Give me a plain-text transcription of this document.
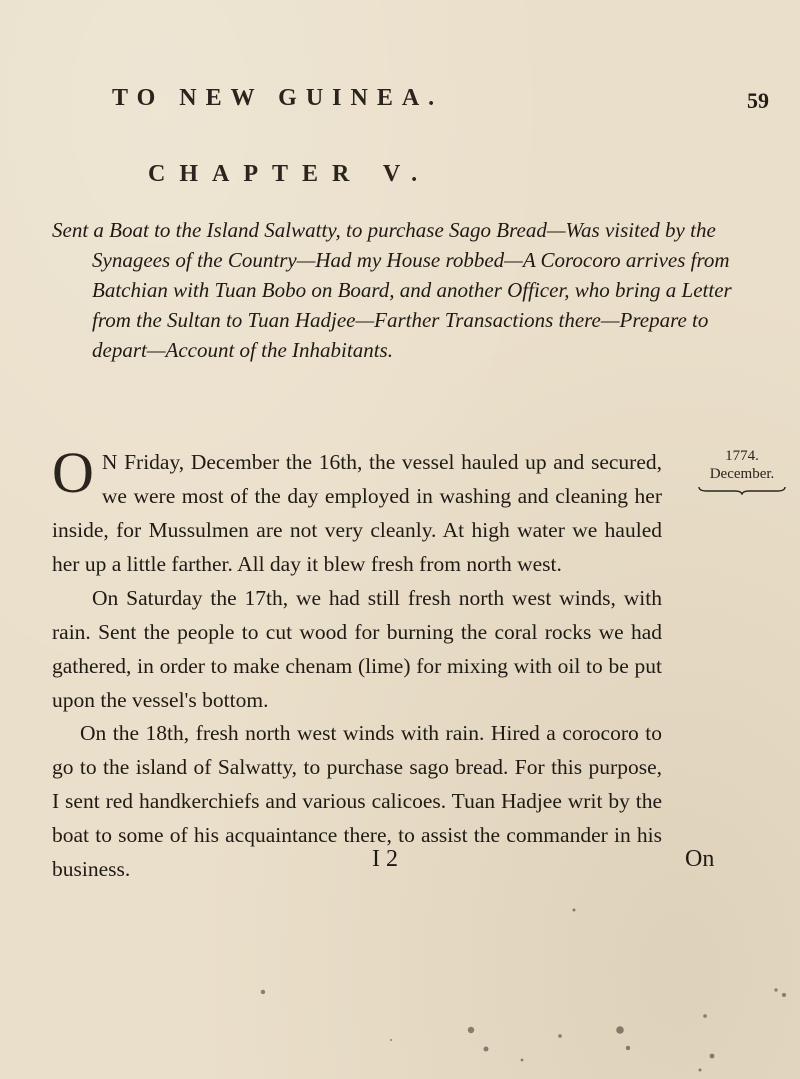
TO NEW GUINEA.	59
CHAPTER V.

Sent a Boat to the Island Salwatty, to purchase Sago Bread—Was visited by the Synagees of the Country—Had my House robbed—A Corocoro arrives from Batchian with Tuan Bobo on Board, and another Officer, who bring a Letter from the Sultan to Tuan Hadjee—Farther Transactions there—Prepare to depart—Account of the Inhabitants.

1774.
December.

O N Friday, December the 16th, the vessel hauled up and secured, we were most of the day employed in washing and cleaning her inside, for Mussulmen are not very cleanly. At high water we hauled her up a little farther. All day it blew fresh from north west.

On Saturday the 17th, we had still fresh north west winds, with rain. Sent the people to cut wood for burning the coral rocks we had gathered, in order to make chenam (lime) for mixing with oil to be put upon the vessel's bottom.

On the 18th, fresh north west winds with rain. Hired a corocoro to go to the island of Salwatty, to purchase sago bread. For this purpose, I sent red handkerchiefs and various calicoes. Tuan Hadjee writ by the boat to some of his acquaintance there, to assist the commander in his business.	I 2	On
